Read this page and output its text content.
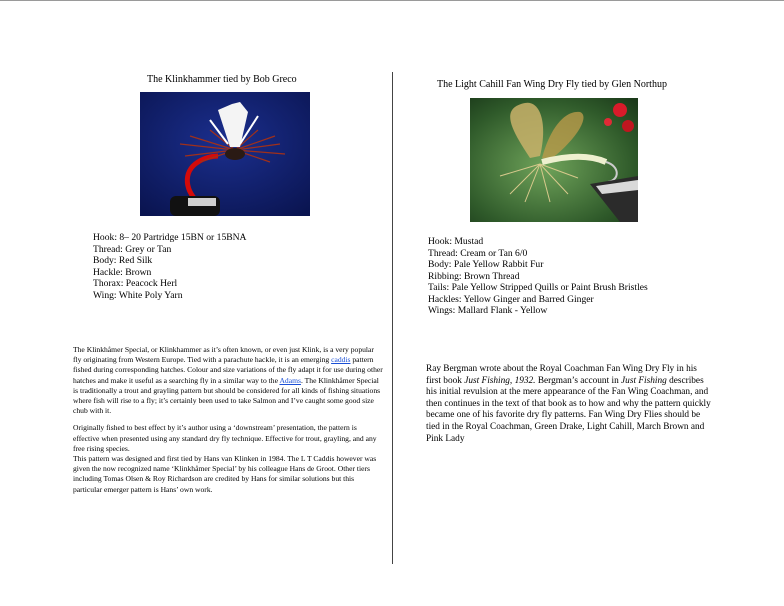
The Klinkhammer tied by Bob Greco
Hook: 8– 20 Partridge 15BN or 15BNA
Thread: Grey or Tan
Body: Red Silk
Hackle: Brown
Thorax: Peacock Herl
Wing: White Poly Yarn

The Klinkhåmer Special, or Klinkhammer as it’s often known, or even just Klink, is a very popular fly originating from Western Europe. Tied with a parachute hackle, it is an emerging caddis pattern fished during corresponding hatches. Colour and size variations of the fly adapt it for use during other hatches and make it useful as a searching fly in a similar way to the Adams. The Klinkhåmer Special is traditionally a trout and grayling pattern but should be considered for all kinds of fishing situations where fish will rise to a fly; it’s certainly been used to take Salmon and I’ve caught some good size chub with it.

Originally fished to best effect by it’s author using a ‘downstream’ presentation, the pattern is effective when presented using any standard dry fly technique. Effective for trout, grayling, and any free rising species.

This pattern was designed and first tied by Hans van Klinken in 1984. The L T Caddis however was given the now recognized name ‘Klinkhåmer Special’ by his colleague Hans de Groot. Other tiers including Tomas Olsen & Roy Richardson are credited by Hans for similar solutions but this particular emerger pattern is Hans’ own work.

The Light Cahill Fan Wing Dry Fly tied by Glen Northup
Hook: Mustad
Thread: Cream or Tan 6/0
Body: Pale Yellow Rabbit Fur
Ribbing: Brown Thread
Tails: Pale Yellow Stripped Quills or Paint Brush Bristles
Hackles: Yellow Ginger and Barred Ginger
Wings: Mallard Flank - Yellow
Ray Bergman wrote about the Royal Coachman Fan Wing Dry Fly in his first book Just Fishing, 1932. Bergman’s account in Just Fishing describes his initial revulsion at the mere appearance of the Fan Wing Coachman, and then continues in the text of that book as to how and why the pattern quickly became one of his favorite dry fly patterns. Fan Wing Dry Flies should be tied in the Royal Coachman, Green Drake, Light Cahill, March Brown and Pink Lady
